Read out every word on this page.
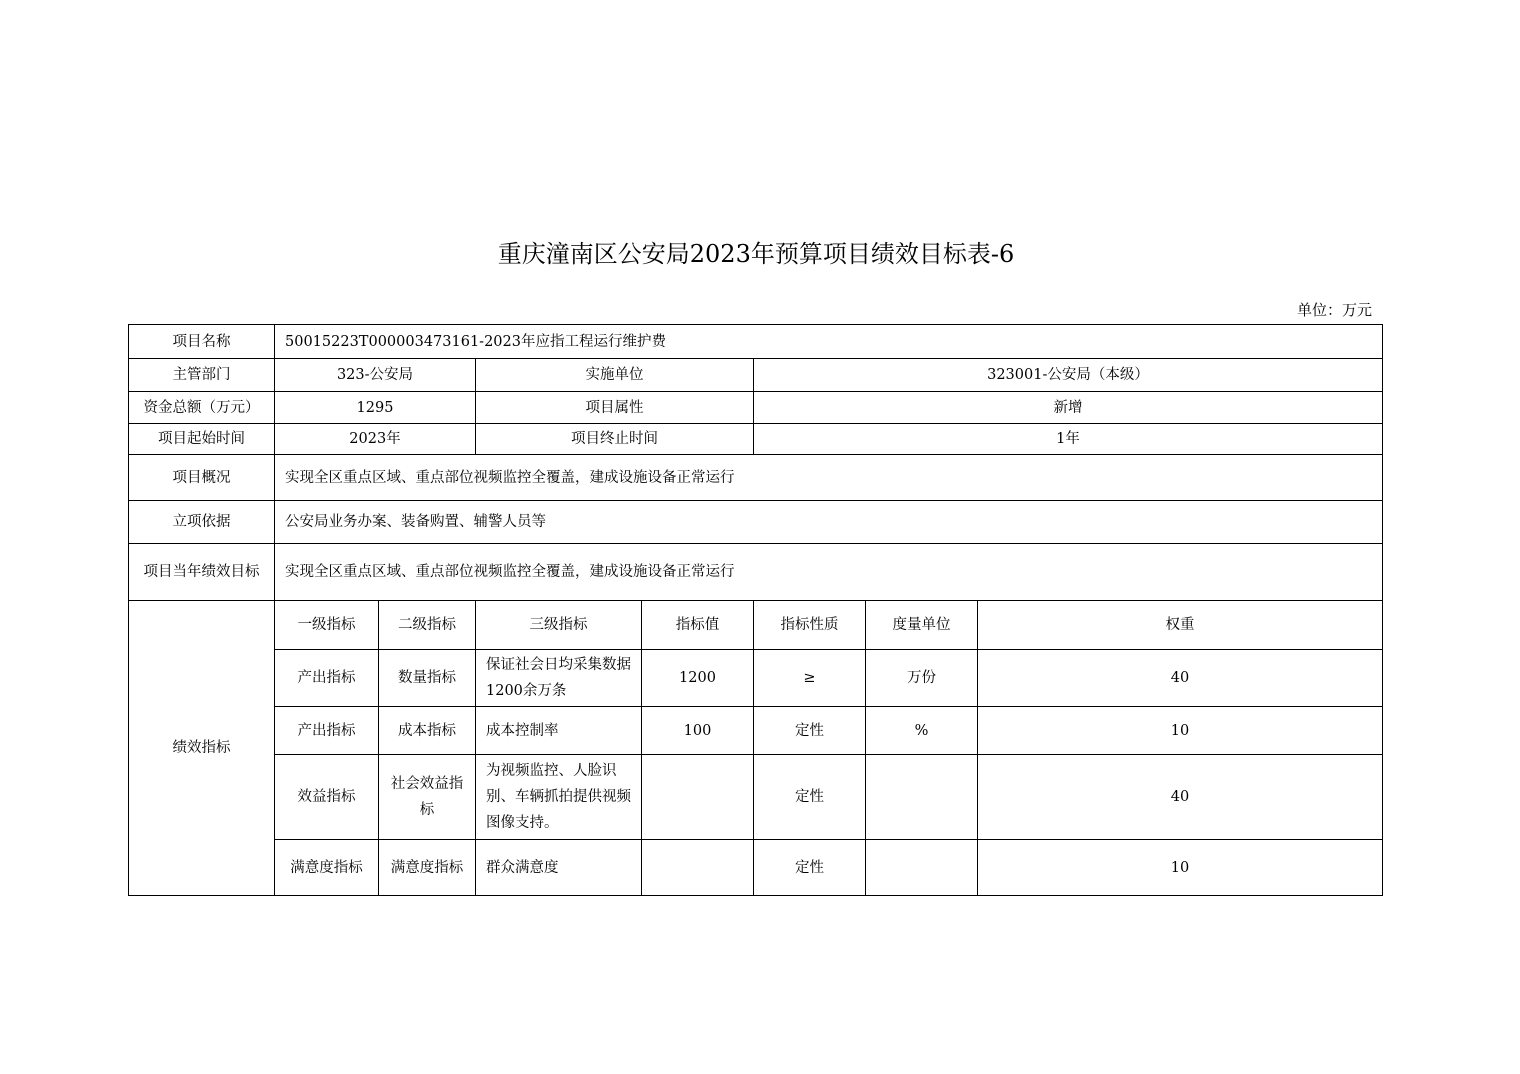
重庆潼南区公安局2023年预算项目绩效目标表-6
单位：万元
项目名称	50015223T000003473161-2023年应指工程运行维护费						
主管部门	323-公安局		实施单位		323001-公安局（本级）		
资金总额（万元）	1295		项目属性		新增		
项目起始时间	2023年		项目终止时间		1年		
项目概况	实现全区重点区域、重点部位视频监控全覆盖，建成设施设备正常运行						
立项依据	公安局业务办案、装备购置、辅警人员等						
项目当年绩效目标	实现全区重点区域、重点部位视频监控全覆盖，建成设施设备正常运行						
绩效指标	一级指标	二级指标	三级指标	指标值	指标性质	度量单位	权重
	产出指标	数量指标	保证社会日均采集数据1200余万条	1200	≥	万份	40
	产出指标	成本指标	成本控制率	100	定性	%	10
	效益指标	社会效益指标	为视频监控、人脸识别、车辆抓拍提供视频图像支持。		定性		40
	满意度指标	满意度指标	群众满意度		定性		10
